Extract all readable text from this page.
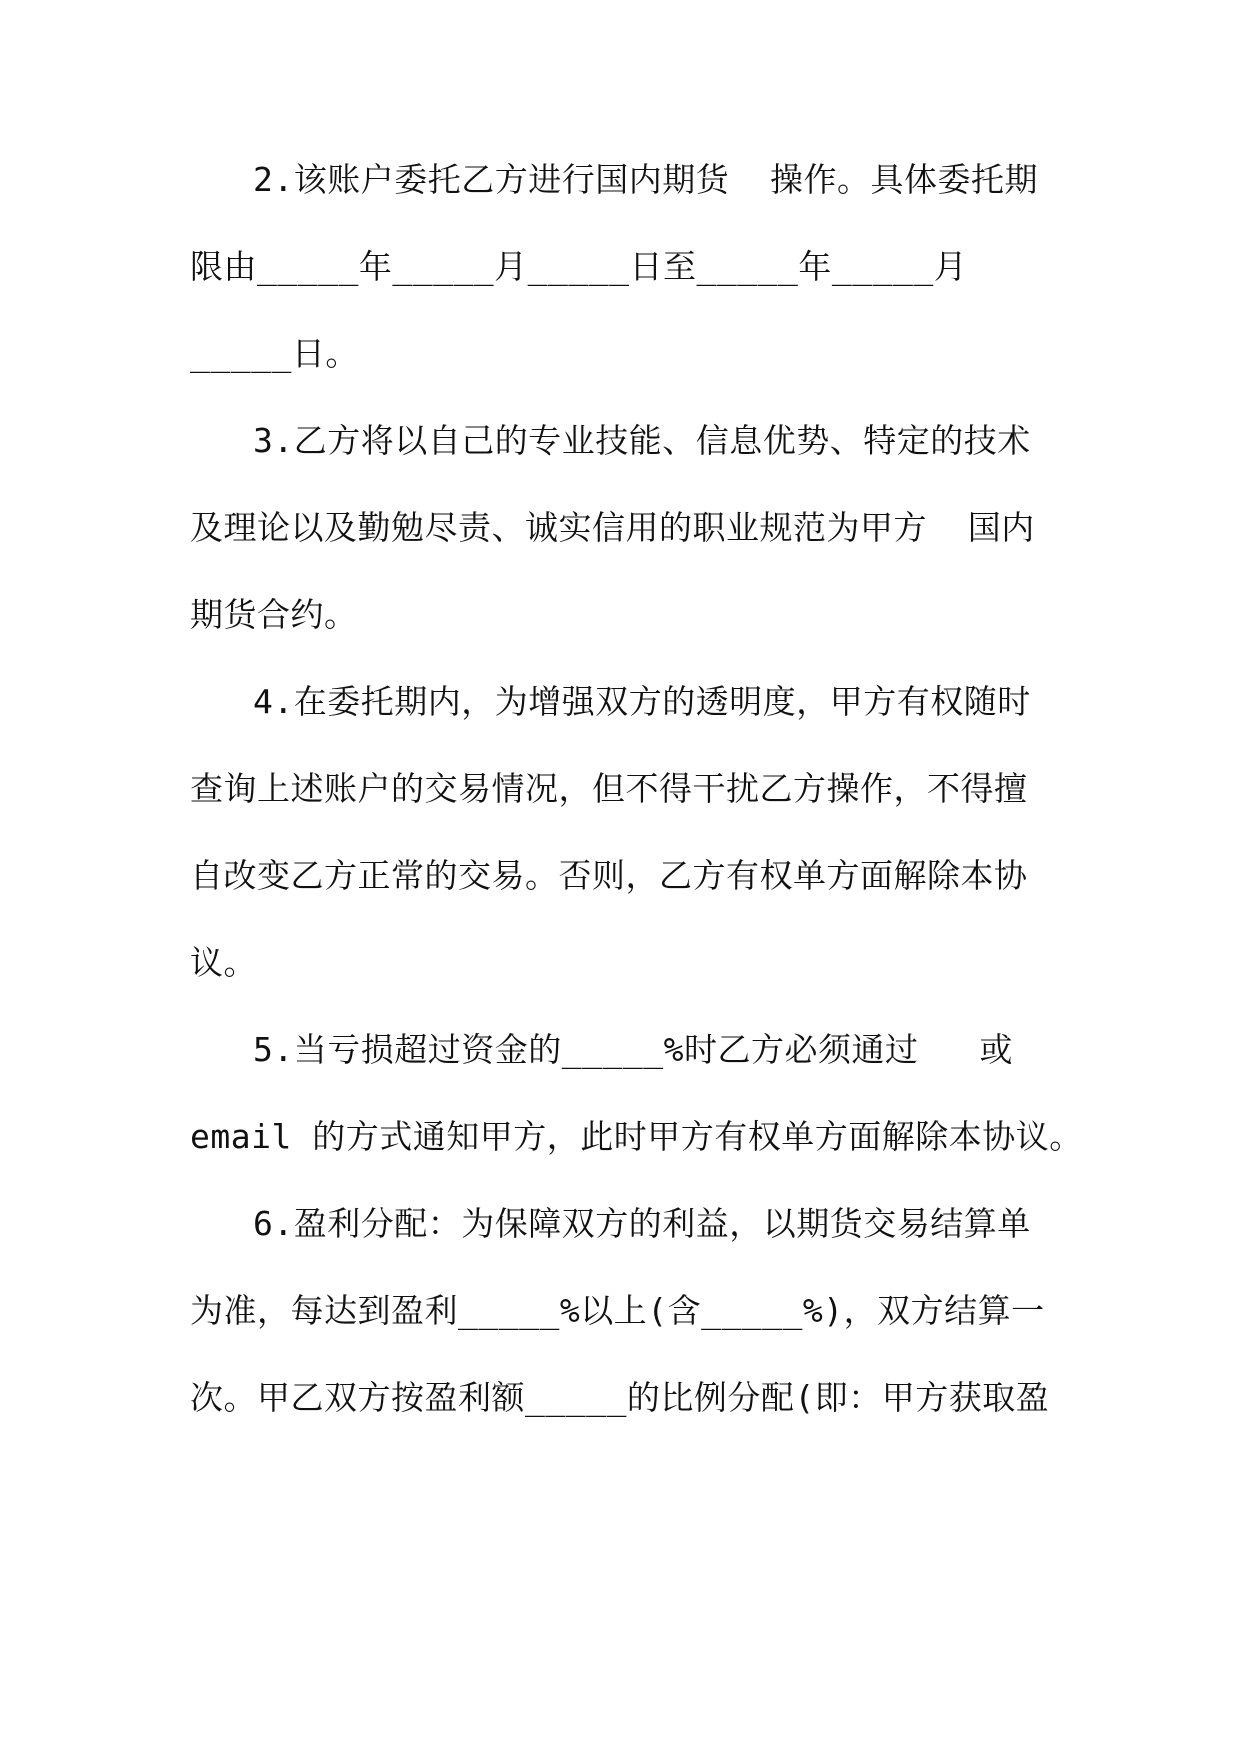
2.该账户委托乙方进行国内期货  操作。具体委托期
限由_____年_____月_____日至_____年_____月
_____日。
3.乙方将以自己的专业技能、信息优势、特定的技术
及理论以及勤勉尽责、诚实信用的职业规范为甲方  国内
期货合约。
4.在委托期内，为增强双方的透明度，甲方有权随时
查询上述账户的交易情况，但不得干扰乙方操作，不得擅
自改变乙方正常的交易。否则，乙方有权单方面解除本协
议。
5.当亏损超过资金的_____%时乙方必须通过   或
email 的方式通知甲方，此时甲方有权单方面解除本协议。
6.盈利分配：为保障双方的利益，以期货交易结算单
为准，每达到盈利_____%以上(含_____%)，双方结算一
次。甲乙双方按盈利额_____的比例分配(即：甲方获取盈
